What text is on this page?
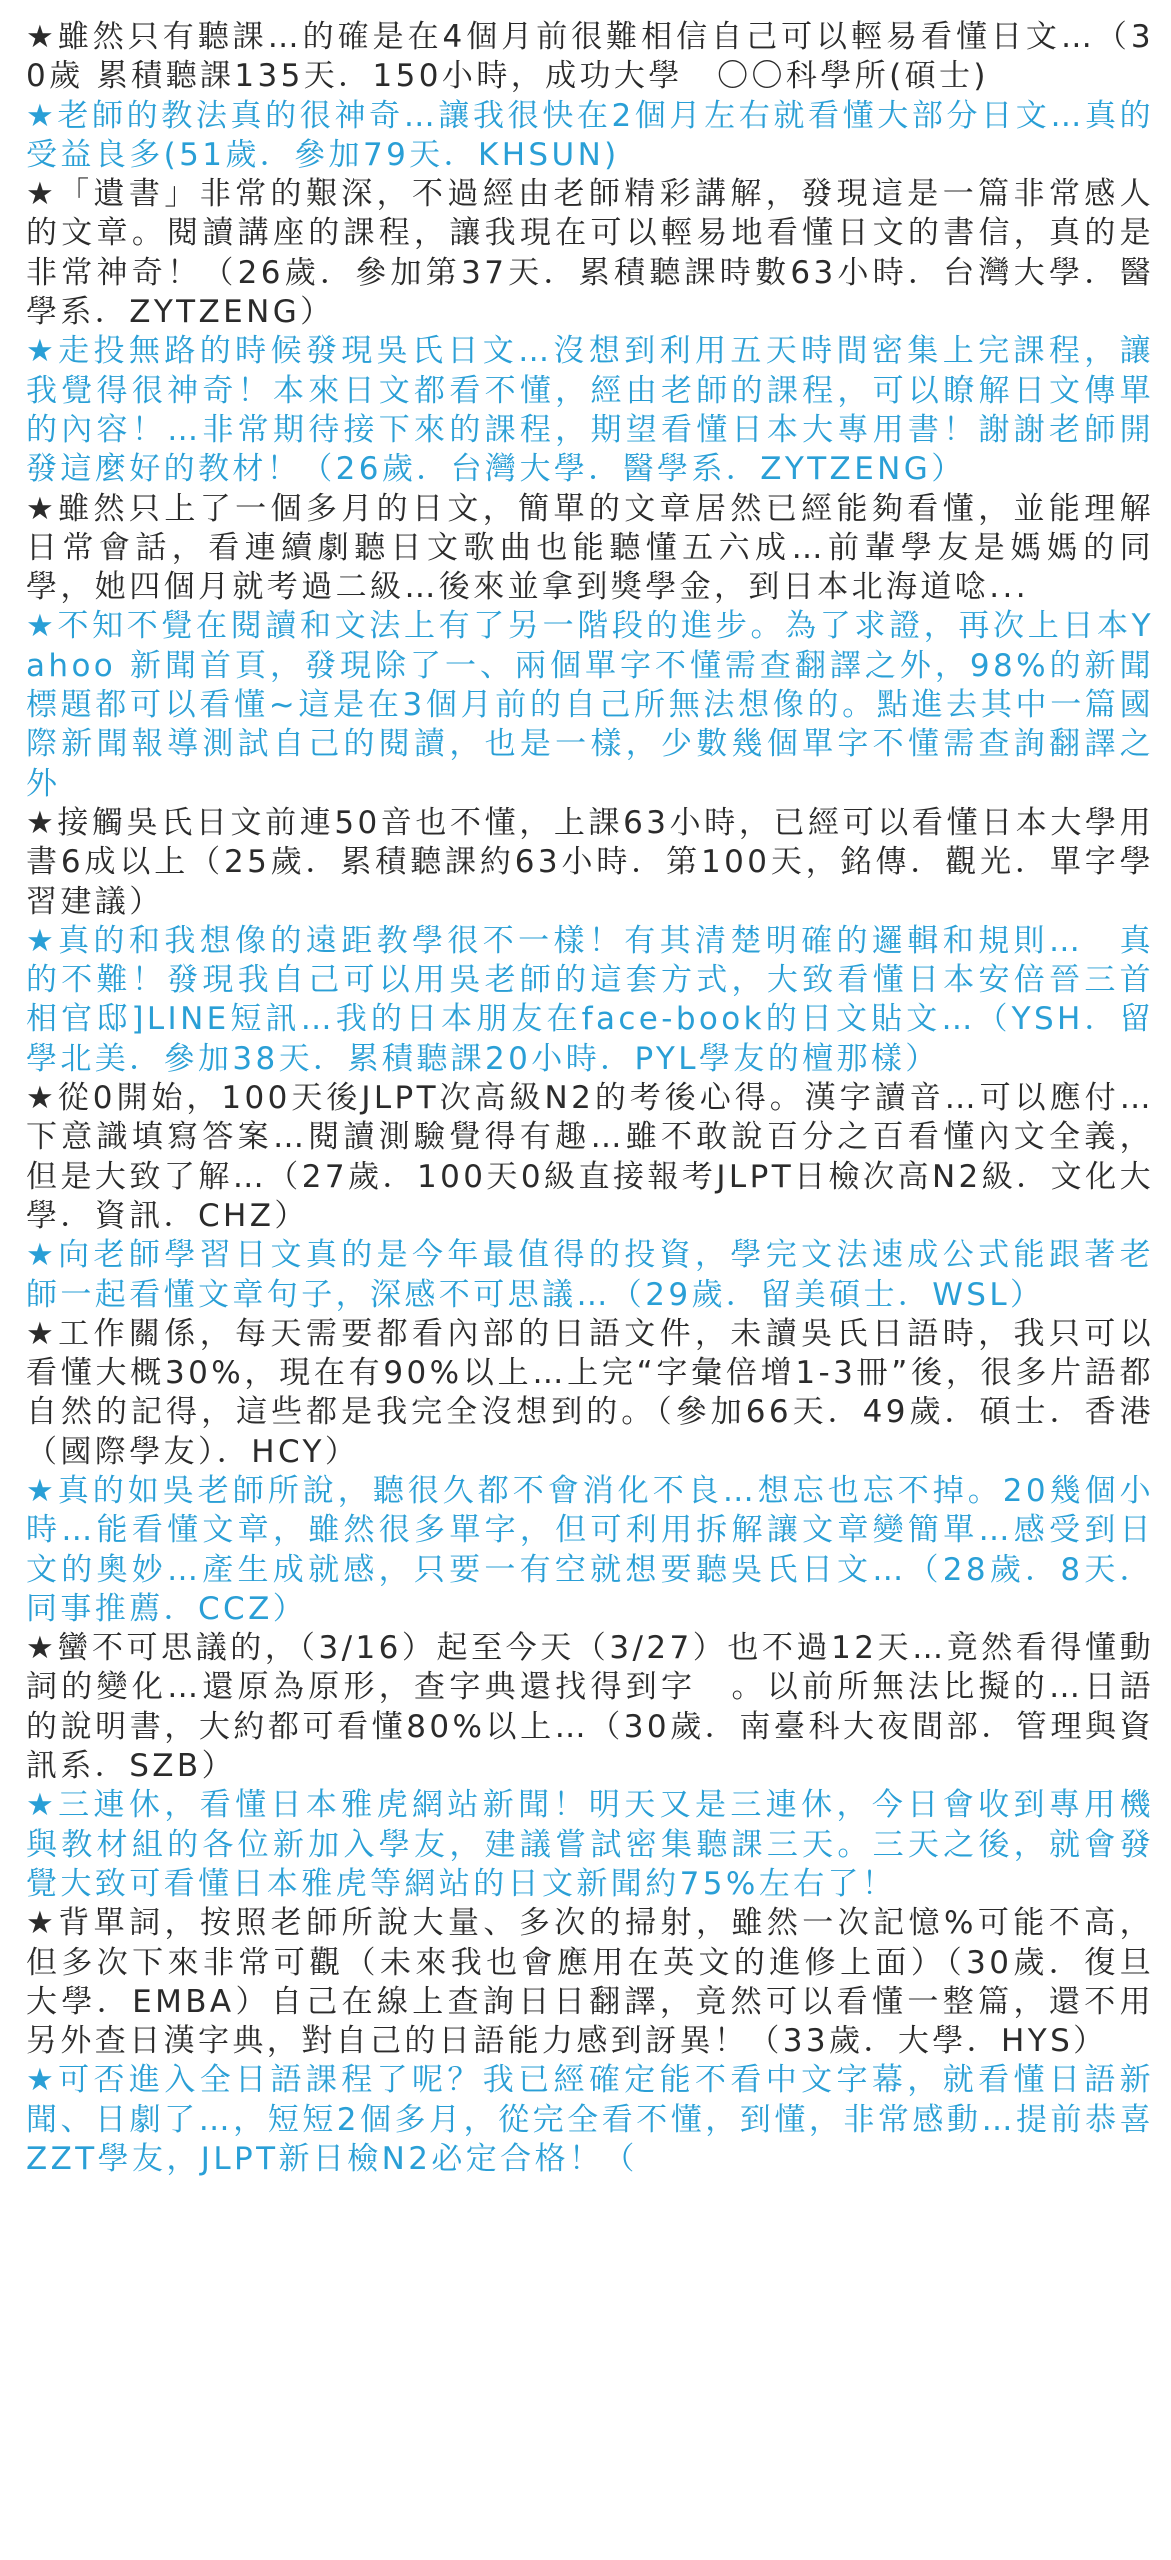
★雖然只有聽課…的確是在4個月前很難相信自己可以輕易看懂日文…（30歲 累積聽課135天．150小時，成功大學　〇〇科學所(碩士)

★老師的教法真的很神奇…讓我很快在2個月左右就看懂大部分日文…真的受益良多(51歲．參加79天．KHSUN)

★「遺書」非常的艱深，不過經由老師精彩講解，發現這是一篇非常感人的文章。閱讀講座的課程，讓我現在可以輕易地看懂日文的書信，真的是非常神奇！（26歲．參加第37天．累積聽課時數63小時．台灣大學．醫學系．ZYTZENG）

★走投無路的時候發現吳氏日文…沒想到利用五天時間密集上完課程，讓我覺得很神奇！本來日文都看不懂，經由老師的課程，可以瞭解日文傳單的內容！…非常期待接下來的課程，期望看懂日本大專用書！謝謝老師開發這麼好的教材！（26歲．台灣大學．醫學系．ZYTZENG）

★雖然只上了一個多月的日文，簡單的文章居然已經能夠看懂，並能理解日常會話，看連續劇聽日文歌曲也能聽懂五六成…前輩學友是媽媽的同學，她四個月就考過二級…後來並拿到獎學金，到日本北海道唸...

★不知不覺在閱讀和文法上有了另一階段的進步。為了求證，再次上日本Yahoo 新聞首頁，發現除了一、兩個單字不懂需查翻譯之外，98%的新聞標題都可以看懂~這是在3個月前的自己所無法想像的。點進去其中一篇國際新聞報導測試自己的閱讀，也是一樣，少數幾個單字不懂需查詢翻譯之外

★接觸吳氏日文前連50音也不懂，上課63小時，已經可以看懂日本大學用書6成以上（25歲．累積聽課約63小時．第100天，銘傳．觀光．單字學習建議）

★真的和我想像的遠距教學很不一樣！有其清楚明確的邏輯和規則…　真的不難！發現我自己可以用吳老師的這套方式，大致看懂日本安倍晉三首相官邸]LINE短訊…我的日本朋友在face-book的日文貼文…（YSH．留學北美．參加38天．累積聽課20小時．PYL學友的檀那樣）

★從0開始，100天後JLPT次高級N2的考後心得。漢字讀音…可以應付…下意識填寫答案…閱讀測驗覺得有趣…雖不敢說百分之百看懂內文全義，但是大致了解…（27歲．100天0級直接報考JLPT日檢次高N2級．文化大學．資訊．CHZ）

★向老師學習日文真的是今年最值得的投資，學完文法速成公式能跟著老師一起看懂文章句子，深感不可思議…（29歲．留美碩士．WSL）

★工作關係，每天需要都看內部的日語文件，未讀吳氏日語時，我只可以看懂大概30%，現在有90%以上…上完“字彙倍增1-3冊”後，很多片語都自然的記得，這些都是我完全沒想到的。（參加66天．49歲．碩士．香港（國際學友）．HCY）

★真的如吳老師所說，聽很久都不會消化不良…想忘也忘不掉。20幾個小時…能看懂文章，雖然很多單字，但可利用拆解讓文章變簡單…感受到日文的奧妙…產生成就感，只要一有空就想要聽吳氏日文…（28歲．8天．同事推薦．CCZ）

★蠻不可思議的，（3/16）起至今天（3/27）也不過12天…竟然看得懂動詞的變化…還原為原形，查字典還找得到字　。以前所無法比擬的…日語的說明書，大約都可看懂80%以上…（30歲．南臺科大夜間部．管理與資訊系．SZB）

★三連休，看懂日本雅虎網站新聞！明天又是三連休，今日會收到專用機與教材組的各位新加入學友，建議嘗試密集聽課三天。三天之後，就會發覺大致可看懂日本雅虎等網站的日文新聞約75%左右了！

★背單詞，按照老師所說大量、多次的掃射，雖然一次記憶%可能不高，但多次下來非常可觀（未來我也會應用在英文的進修上面）（30歲．復旦大學．EMBA）自己在線上查詢日日翻譯，竟然可以看懂一整篇，還不用另外查日漢字典，對自己的日語能力感到訝異！（33歲．大學．HYS）

★可否進入全日語課程了呢？我已經確定能不看中文字幕，就看懂日語新聞、日劇了…，短短2個多月，從完全看不懂，到懂，非常感動…提前恭喜ZZT學友，JLPT新日檢N2必定合格！（
